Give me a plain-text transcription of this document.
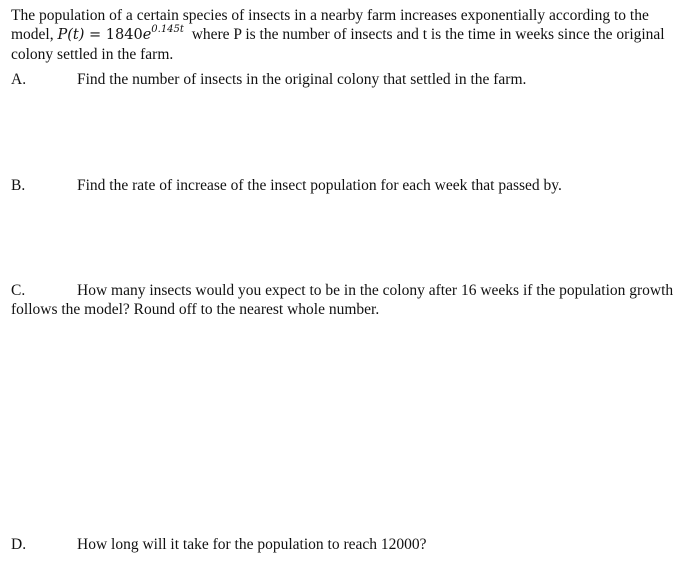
The population of a certain species of insects in a nearby farm increases exponentially according to the model, $P(t) = 1840e^{0.145t}$ where P is the number of insects and t is the time in weeks since the original colony settled in the farm.
A.	Find the number of insects in the original colony that settled in the farm.
B.	Find the rate of increase of the insect population for each week that passed by.
C.	How many insects would you expect to be in the colony after 16 weeks if the population growth follows the model? Round off to the nearest whole number.
D.	How long will it take for the population to reach 12000?
